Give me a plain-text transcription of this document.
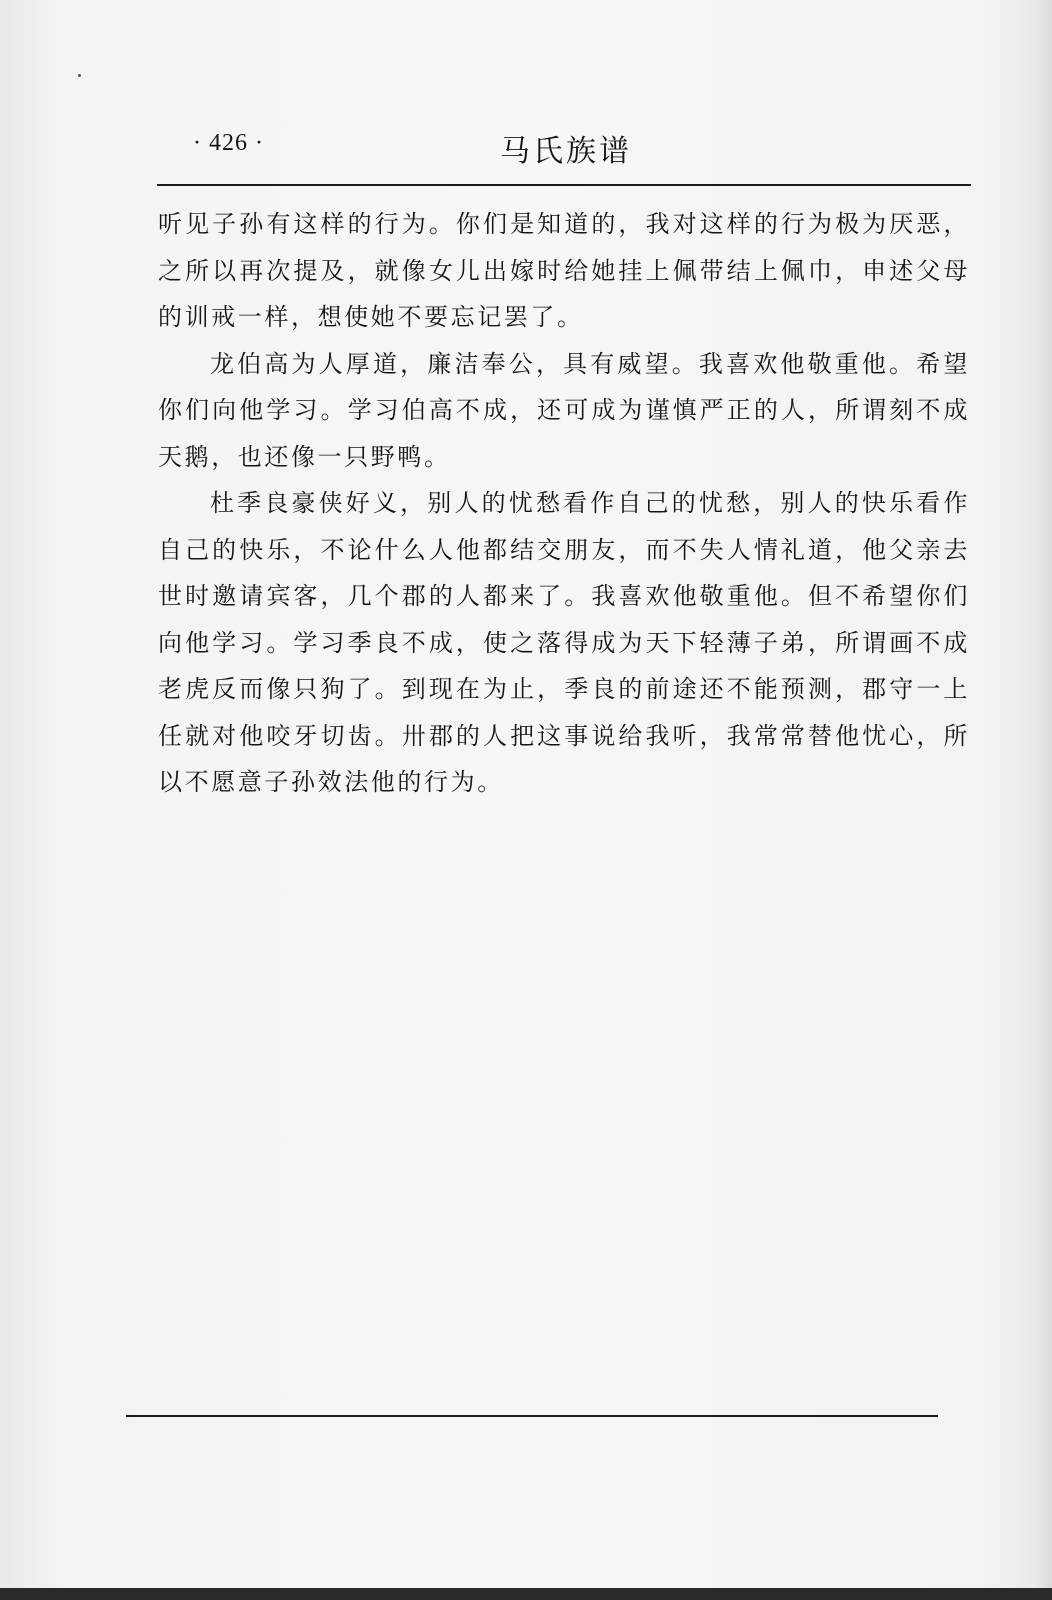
· 426 ·	马氏族谱

听见子孙有这样的行为。你们是知道的，我对这样的行为极为厌恶，之所以再次提及，就像女儿出嫁时给她挂上佩带结上佩巾，申述父母的训戒一样，想使她不要忘记罢了。

龙伯高为人厚道，廉洁奉公，具有威望。我喜欢他敬重他。希望你们向他学习。学习伯高不成，还可成为谨慎严正的人，所谓刻不成天鹅，也还像一只野鸭。

杜季良豪侠好义，别人的忧愁看作自己的忧愁，别人的快乐看作自己的快乐，不论什么人他都结交朋友，而不失人情礼道，他父亲去世时邀请宾客，几个郡的人都来了。我喜欢他敬重他。但不希望你们向他学习。学习季良不成，使之落得成为天下轻薄子弟，所谓画不成老虎反而像只狗了。到现在为止，季良的前途还不能预测，郡守一上任就对他咬牙切齿。卅郡的人把这事说给我听，我常常替他忧心，所以不愿意子孙效法他的行为。
